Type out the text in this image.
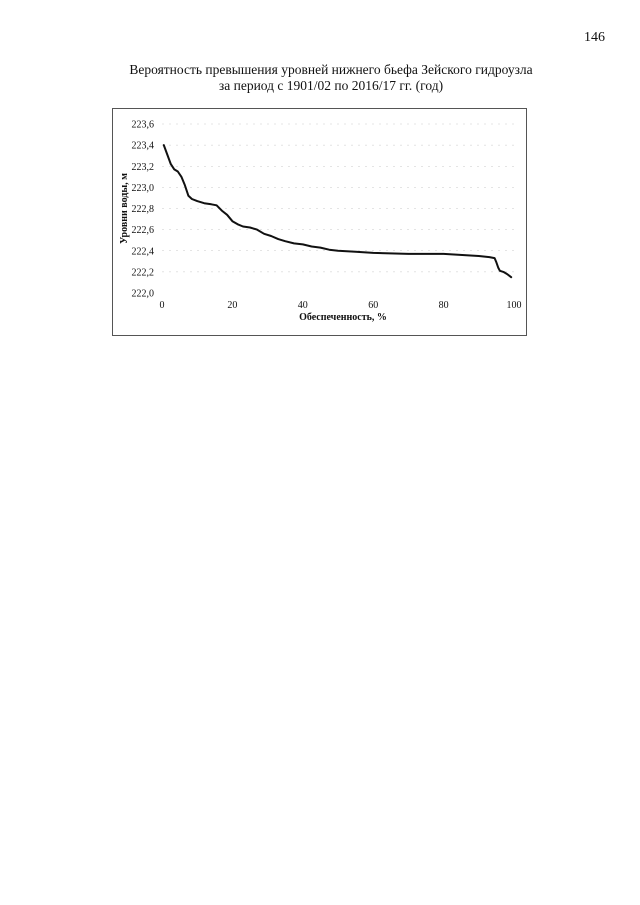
146
Вероятность превышения уровней нижнего бьефа Зейского гидроузла
за период с 1901/02 по 2016/17 гг. (год)
222,0
222,2
222,4
222,6
222,8
223,0
223,2
223,4
223,6
0	20	40	60	80	100
Обеспеченность, %
Уровни воды, м
